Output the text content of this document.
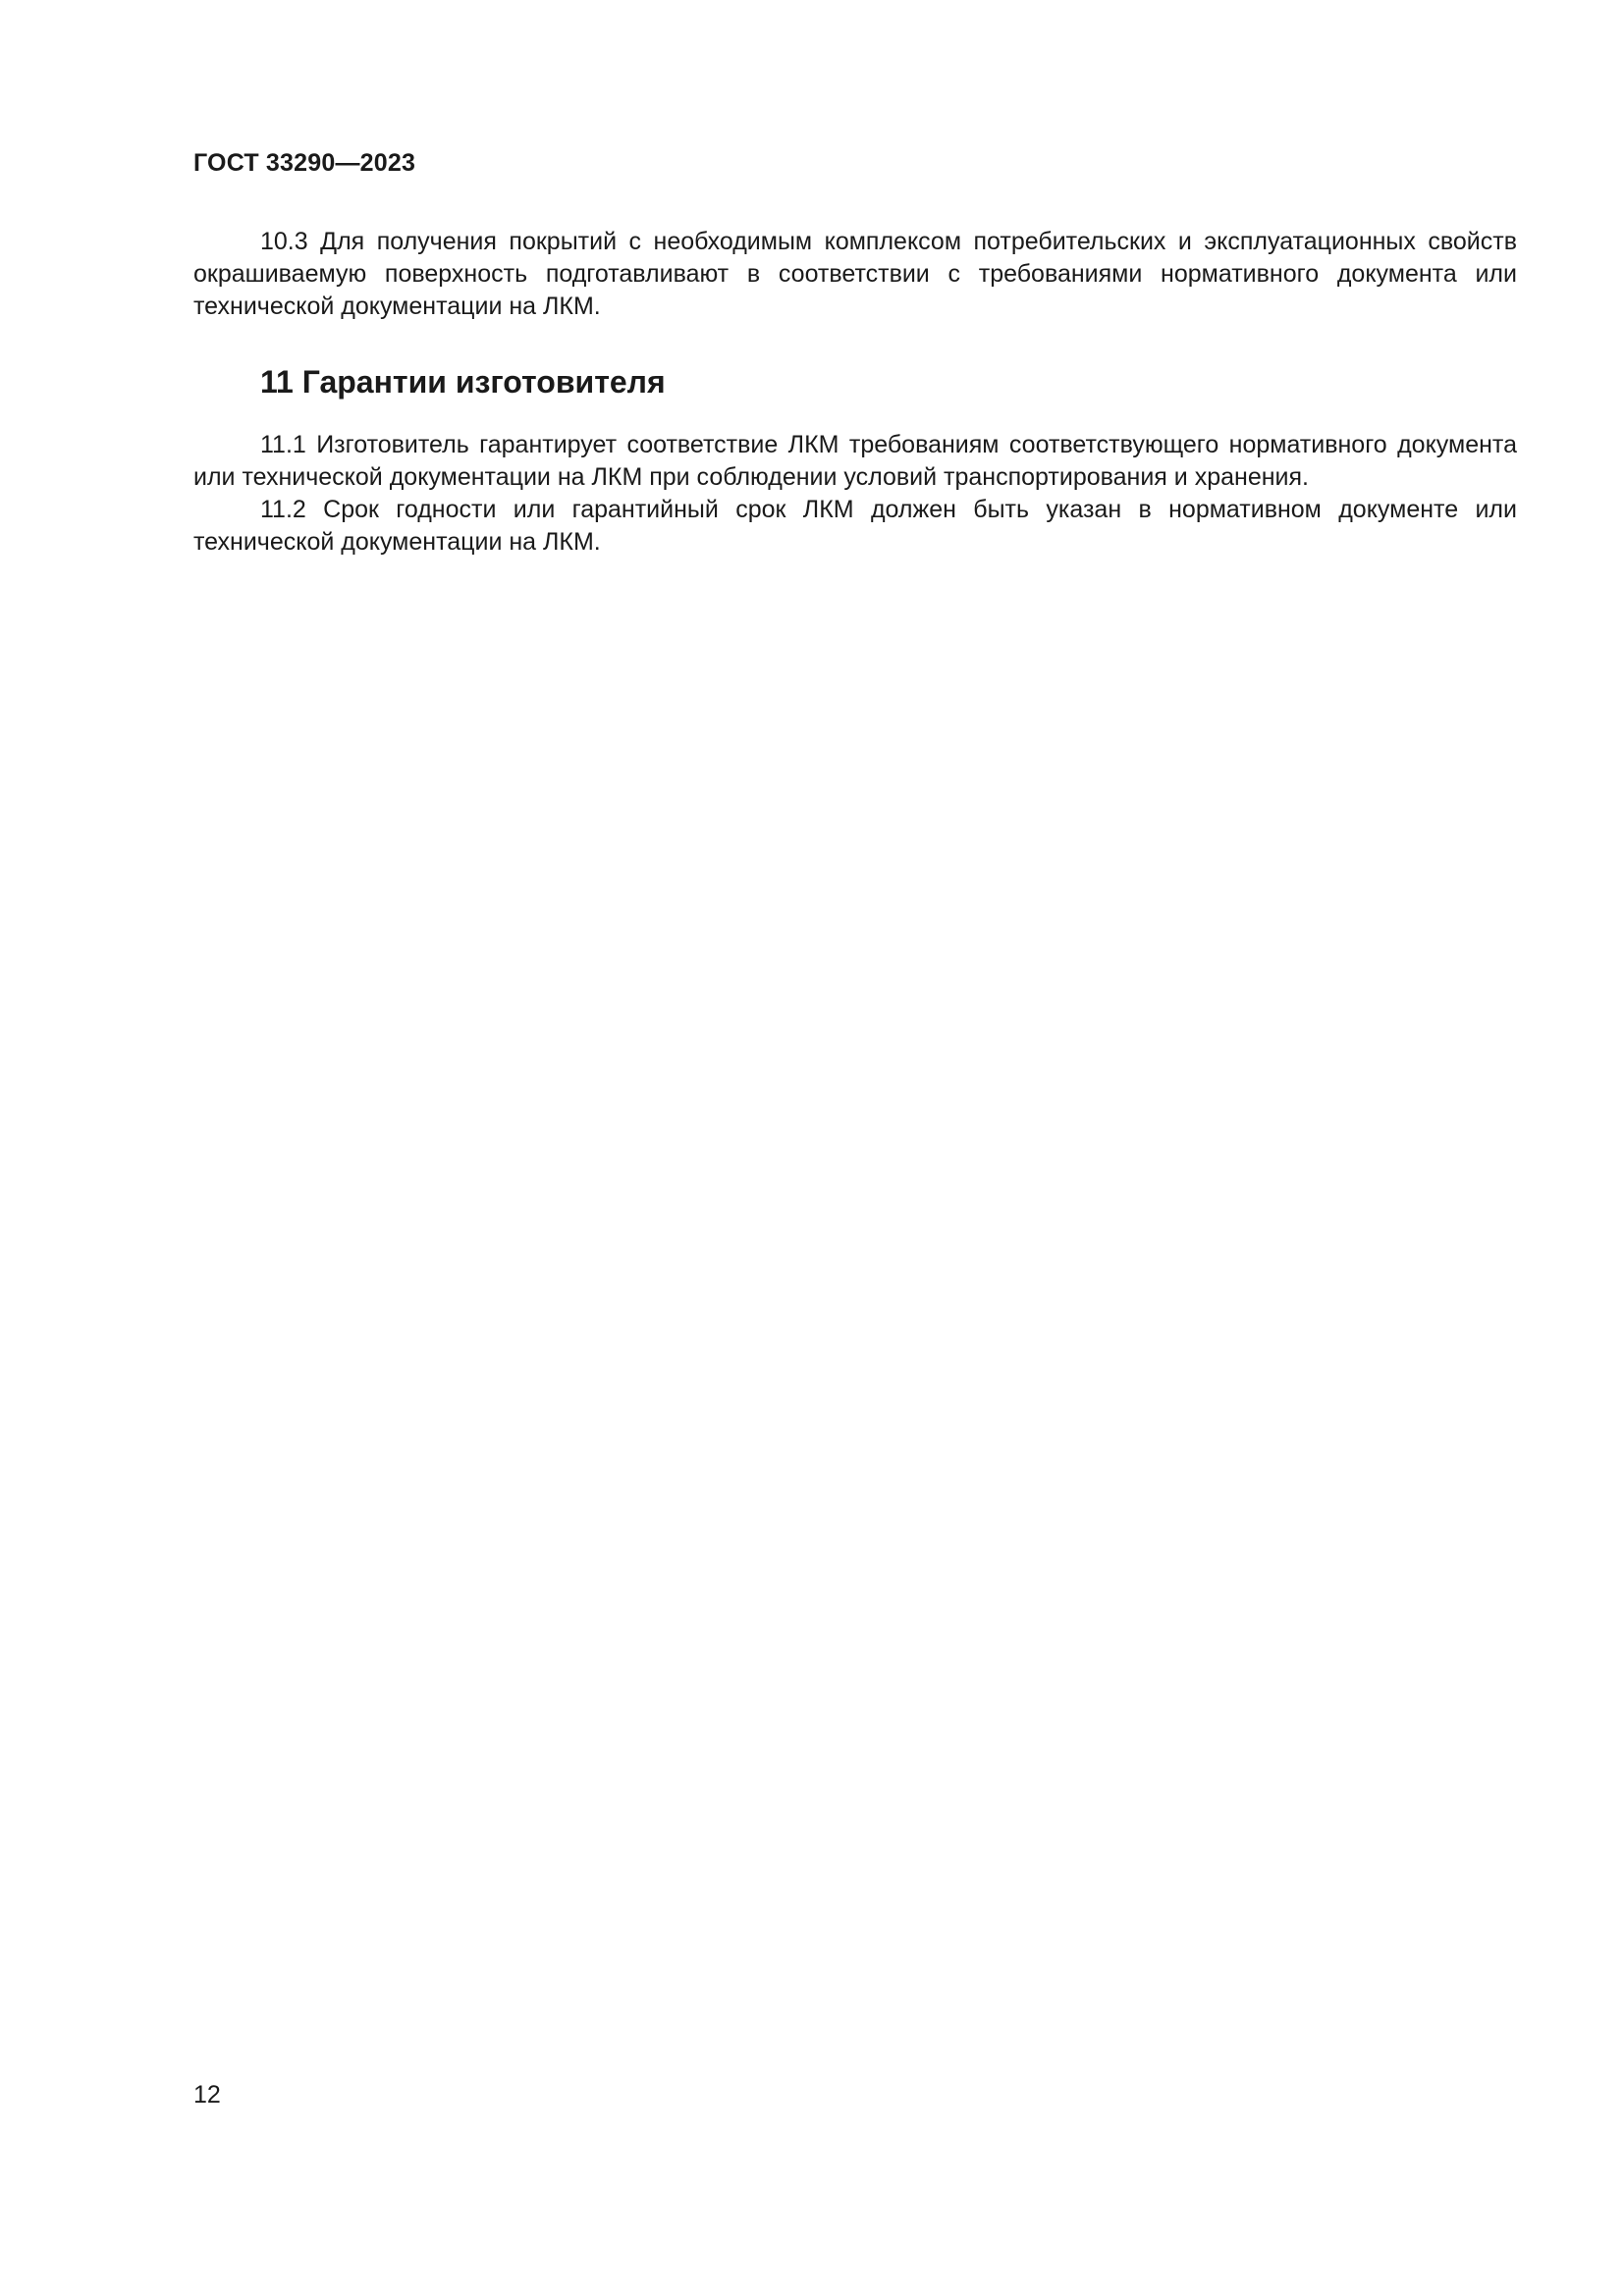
ГОСТ 33290—2023

10.3 Для получения покрытий с необходимым комплексом потребительских и эксплуатационных свойств окрашиваемую поверхность подготавливают в соответствии с требованиями нормативного документа или технической документации на ЛКМ.

11 Гарантии изготовителя

11.1 Изготовитель гарантирует соответствие ЛКМ требованиям соответствующего нормативного документа или технической документации на ЛКМ при соблюдении условий транспортирования и хранения.

11.2 Срок годности или гарантийный срок ЛКМ должен быть указан в нормативном документе или технической документации на ЛКМ.

12
